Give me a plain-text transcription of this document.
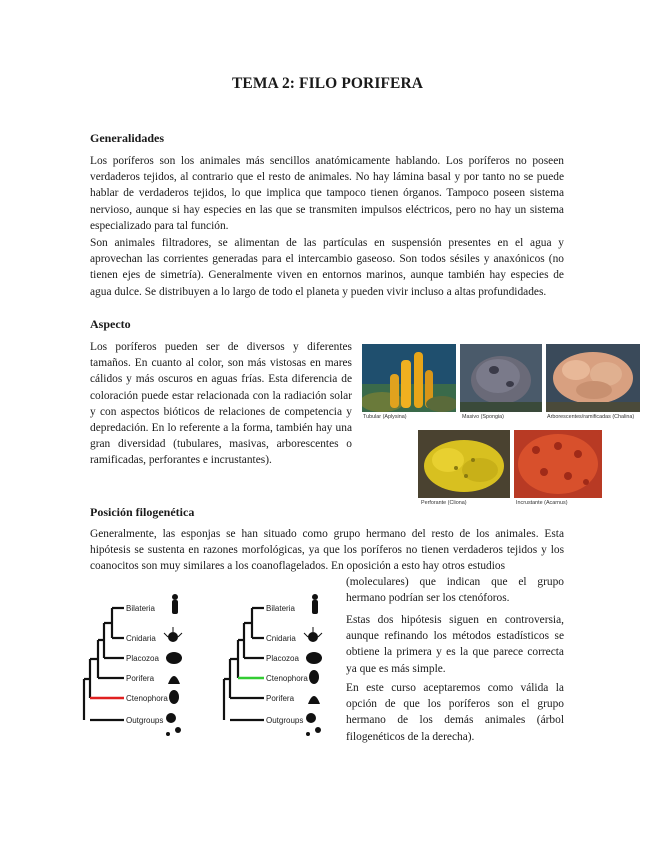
TEMA 2: FILO PORIFERA
Generalidades
Los poríferos son los animales más sencillos anatómicamente hablando. Los poríferos no poseen verdaderos tejidos, al contrario que el resto de animales. No hay lámina basal y por tanto no se puede hablar de verdaderos tejidos, lo que implica que tampoco tienen órganos. Tampoco poseen sistema nervioso, aunque si hay especies en las que se transmiten impulsos eléctricos, pero no hay un sistema especializado para tal función.
Son animales filtradores, se alimentan de las partículas en suspensión presentes en el agua y aprovechan las corrientes generadas para el intercambio gaseoso. Son todos sésiles y anaxónicos (no tienen ejes de simetría). Generalmente viven en entornos marinos, aunque también hay especies de agua dulce. Se distribuyen a lo largo de todo el planeta y pueden vivir incluso a altas profundidades.
Aspecto
Los poríferos pueden ser de diversos y diferentes tamaños. En cuanto al color, son más vistosas en mares cálidos y más oscuros en aguas frías. Esta diferencia de coloración puede estar relacionada con la radiación solar y con aspectos bióticos de relaciones de competencia y depredación. En lo referente a la forma, también hay una gran diversidad (tubulares, masivas, arborescentes o ramificadas, perforantes e incrustantes).
Tubular (Aplysina)	Masivo (Spongia)	Arborescentes/ramificadas (Chalina)
Perforante (Cliona)	Incrustante (Acarnus)
Posición filogenética
Generalmente, las esponjas se han situado como grupo hermano del resto de los animales. Esta hipótesis se sustenta en razones morfológicas, ya que los poríferos no tienen verdaderos tejidos y los coanocitos son muy similares a los coanoflagelados. En oposición a esto hay otros estudios
(moleculares) que indican que el grupo hermano podrían ser los ctenóforos.
Estas dos hipótesis siguen en controversia, aunque refinando los métodos estadísticos se obtiene la primera y es la que parece correcta ya que es más simple.
En este curso aceptaremos como válida la opción de que los poríferos son el grupo hermano de los demás animales (árbol filogenéticos de la derecha).
Bilateria
Cnidaria
Placozoa
Porifera
Ctenophora
Outgroups
Bilateria
Cnidaria
Placozoa
Ctenophora
Porifera
Outgroups
